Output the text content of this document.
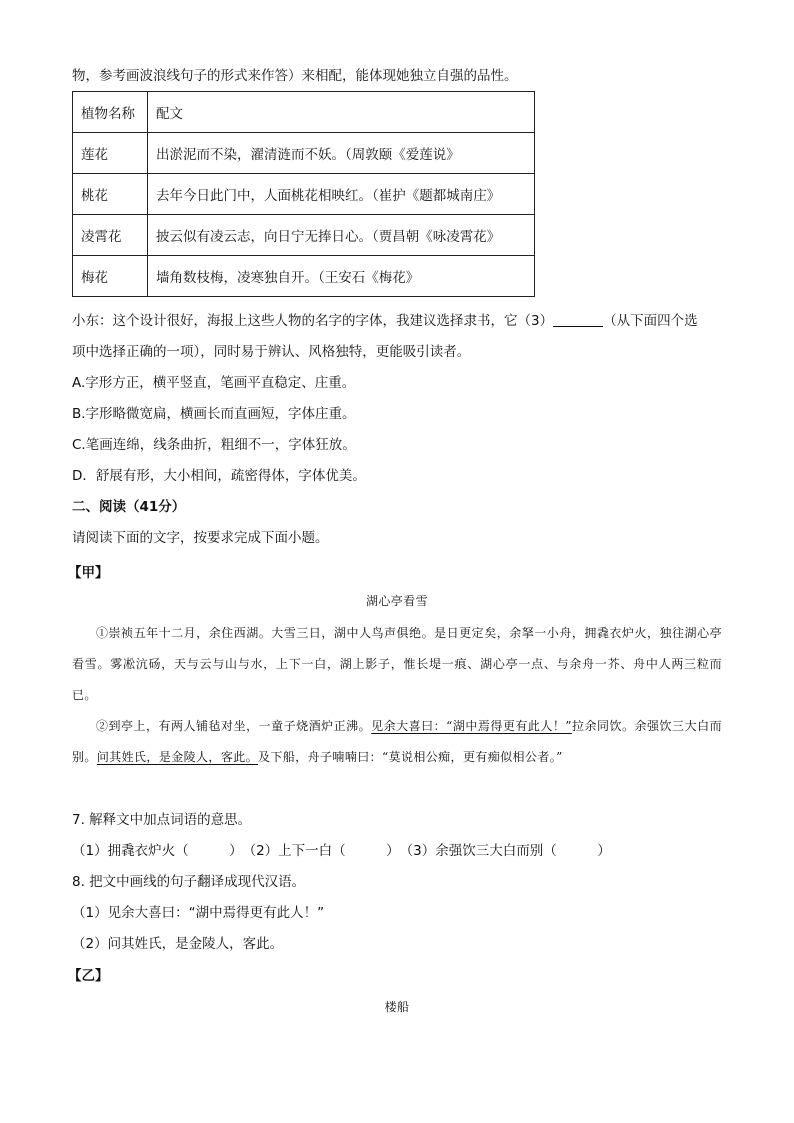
物，参考画波浪线句子的形式来作答）来相配，能体现她独立自强的品性。
植物名称	配文
莲花	出淤泥而不染，濯清涟而不妖。（周敦颐《爱莲说》
桃花	去年今日此门中，人面桃花相映红。（崔护《题都城南庄》
凌霄花	披云似有凌云志，向日宁无捧日心。（贾昌朝《咏凌霄花》
梅花	墙角数枝梅，凌寒独自开。（王安石《梅花》
小东：这个设计很好，海报上这些人物的名字的字体，我建议选择隶书，它（3）	（从下面四个选
项中选择正确的一项），同时易于辨认、风格独特，更能吸引读者。
A.字形方正，横平竖直，笔画平直稳定、庄重。
B.字形略微宽扁，横画长而直画短，字体庄重。
C.笔画连绵，线条曲折，粗细不一，字体狂放。
D．舒展有形，大小相间，疏密得体，字体优美。
二、阅读（41分）
请阅读下面的文字，按要求完成下面小题。
【甲】
湖心亭看雪
①崇祯五年十二月，余住西湖。大雪三日，湖中人鸟声俱绝。是日更定矣，余拏一小舟，拥毳衣炉火，独往湖心亭看雪。雾凇沆砀，天与云与山与水，上下一白，湖上影子，惟长堤一痕、湖心亭一点、与余舟一芥、舟中人两三粒而已。
②到亭上，有两人铺毡对坐，一童子烧酒炉正沸。见余大喜曰：“湖中焉得更有此人！”拉余同饮。余强饮三大白而别。问其姓氏，是金陵人，客此。及下船，舟子喃喃曰：“莫说相公痴，更有痴似相公者。”
7. 解释文中加点词语的意思。
（1）拥毳衣炉火（　　　）　（2）上下一白（　　　）　（3）余强饮三大白而别（　　　）
8. 把文中画线的句子翻译成现代汉语。
（1）见余大喜曰：“湖中焉得更有此人！”
（2）问其姓氏，是金陵人，客此。
【乙】
楼船
